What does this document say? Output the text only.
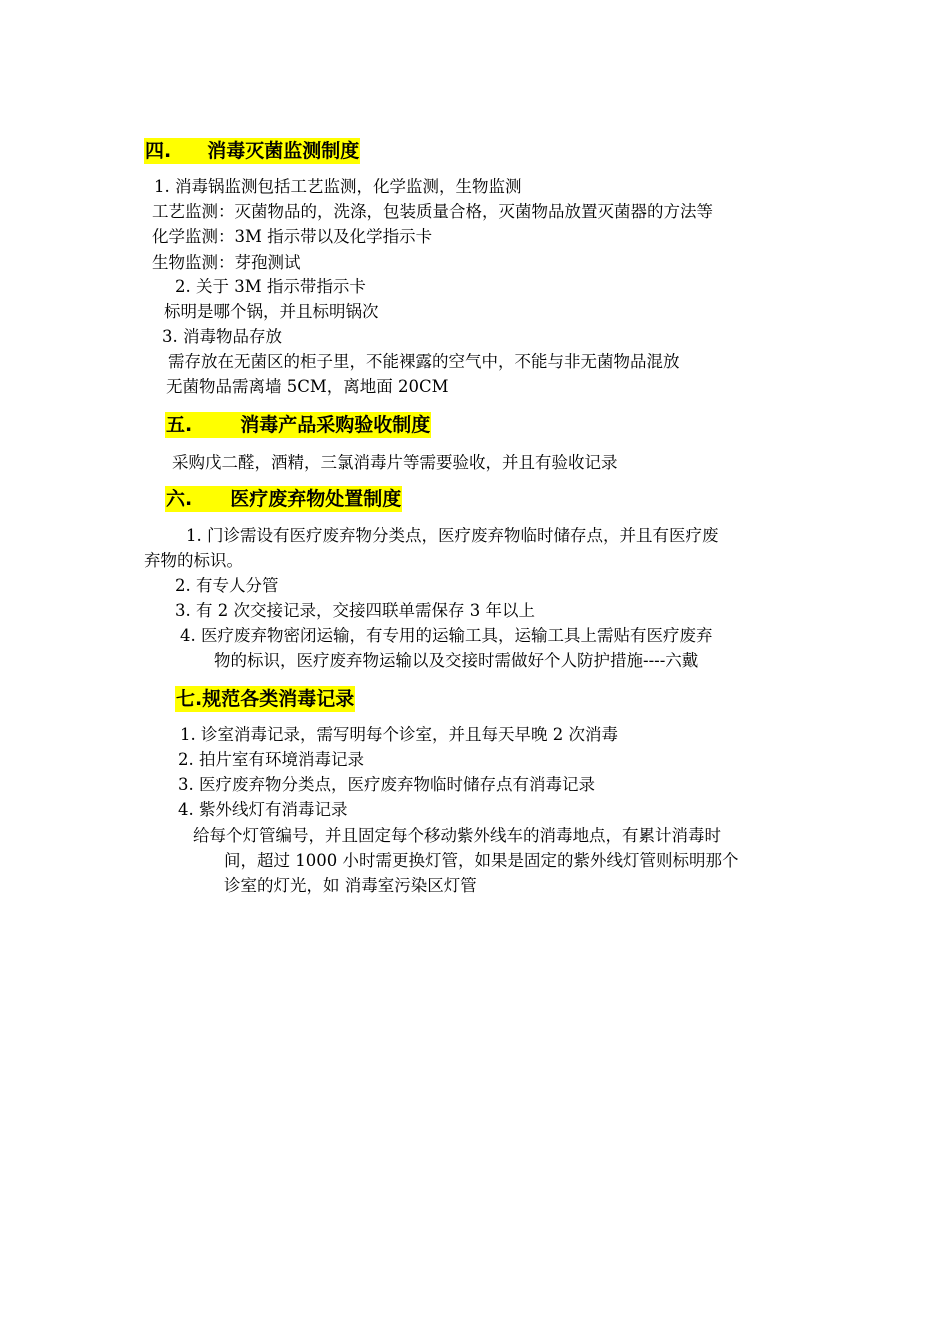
四. 消毒灭菌监测制度
1. 消毒锅监测包括工艺监测，化学监测，生物监测
工艺监测：灭菌物品的，洗涤，包装质量合格，灭菌物品放置灭菌器的方法等
化学监测：3M 指示带以及化学指示卡
生物监测：芽孢测试
2. 关于 3M 指示带指示卡
标明是哪个锅，并且标明锅次
3. 消毒物品存放
需存放在无菌区的柜子里，不能裸露的空气中，不能与非无菌物品混放
无菌物品需离墙 5CM，离地面 20CM
五.	消毒产品采购验收制度
采购戊二醛，酒精，三氯消毒片等需要验收，并且有验收记录
六. 医疗废弃物处置制度
1. 门诊需设有医疗废弃物分类点，医疗废弃物临时储存点，并且有医疗废
弃物的标识。
2. 有专人分管
3. 有 2 次交接记录，交接四联单需保存 3 年以上
4. 医疗废弃物密闭运输，有专用的运输工具，运输工具上需贴有医疗废弃
物的标识，医疗废弃物运输以及交接时需做好个人防护措施----六戴
七.规范各类消毒记录
1. 诊室消毒记录，需写明每个诊室，并且每天早晚 2 次消毒
2. 拍片室有环境消毒记录
3. 医疗废弃物分类点，医疗废弃物临时储存点有消毒记录
4. 紫外线灯有消毒记录
给每个灯管编号，并且固定每个移动紫外线车的消毒地点，有累计消毒时
间，超过 1000 小时需更换灯管，如果是固定的紫外线灯管则标明那个
诊室的灯光，如 消毒室污染区灯管
